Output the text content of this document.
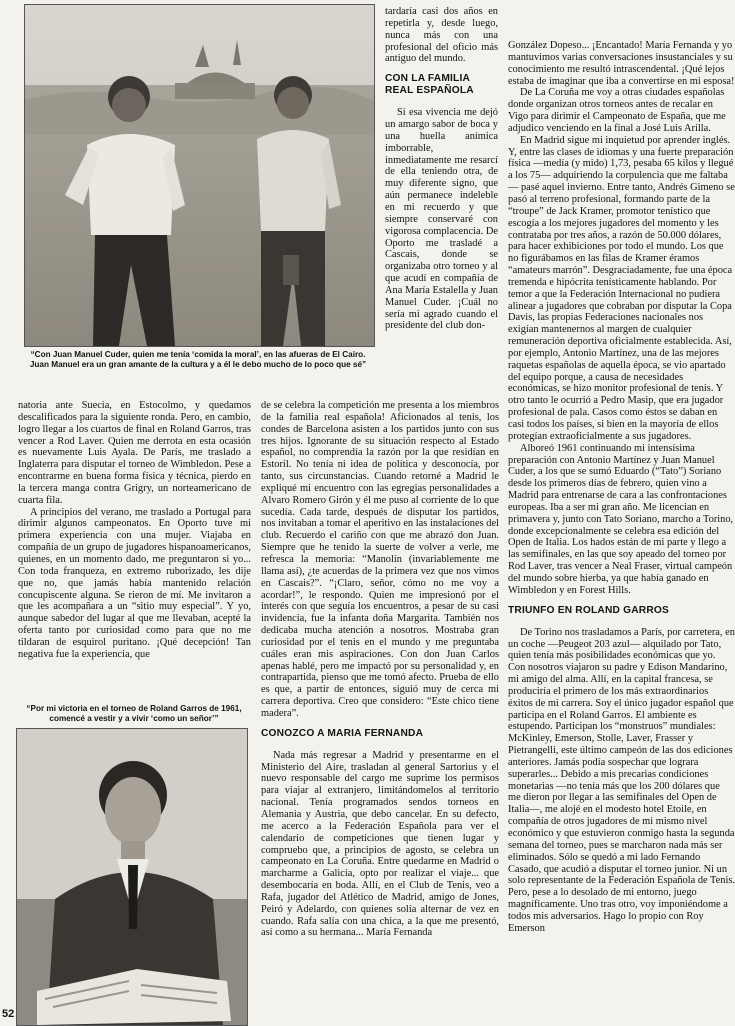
“Con Juan Manuel Cuder, quien me tenía ‘comida la moral’, en las afueras de El Cairo. Juan Manuel era un gran amante de la cultura y a él le debo mucho de lo poco que sé”

tardaría casi dos años en repetirla y, desde luego, nunca más con una profesional del oficio más antiguo del mundo.

CON LA FAMILIA REAL ESPAÑOLA

Si esa vivencia me dejó un amargo sabor de boca y una huella anímica imborrable, inmediatamente me resarcí de ella teniendo otra, de muy diferente signo, que aún permanece indeleble en mi recuerdo y que siempre conservaré con vigorosa complacencia. De Oporto me trasladé a Cascais, donde se organizaba otro torneo y al que acudí en compañía de Ana María Estalella y Juan Manuel Cuder. ¡Cuál no sería mi agrado cuando el presidente del club don-

natoria ante Suecia, en Estocolmo, y quedamos descalificados para la siguiente ronda. Pero, en cambio, logro llegar a los cuartos de final en Roland Garros, tras vencer a Rod Laver. Quien me derrota en esta ocasión es nuevamente Luis Ayala. De París, me traslado a Inglaterra para disputar el torneo de Wimbledon. Pese a encontrarme en buena forma física y técnica, pierdo en la tercera manga contra Grigry, un norteamericano de cuarta fila.

A principios del verano, me traslado a Portugal para dirimir algunos campeonatos. En Oporto tuve mi primera experiencia con una mujer. Viajaba en compañía de un grupo de jugadores hispanoamericanos, quienes, en un momento dado, me preguntaron si yo... Con toda franqueza, en extremo ruborizado, les dije que no, que jamás había mantenido relación concupiscente alguna. Se rieron de mí. Me invitaron a que les acompañara a un “sitio muy especial”. Y yo, aunque sabedor del lugar al que me llevaban, acepté la oferta tanto por curiosidad como para que no me tildaran de esquirol puritano. ¡Qué decepción! Tan negativa fue la experiencia, que

“Por mi victoria en el torneo de Roland Garros de 1961, comencé a vestir y a vivir ‘como un señor’”

de se celebra la competición me presenta a los miembros de la familia real española! Aficionados al tenis, los condes de Barcelona asisten a los partidos junto con sus tres hijos. Ignorante de su situación respecto al Estado español, no comprendía la razón por la que residían en Estoril. No tenía ni idea de política y desconocía, por tanto, sus circunstancias. Cuando retorné a Madrid le expliqué mi encuentro con las egregias personalidades a Alvaro Romero Girón y él me puso al corriente de lo que sucedía. Cada tarde, después de disputar los partidos, nos invitaban a tomar el aperitivo en las instalaciones del club. Recuerdo el cariño con que me abrazó don Juan. Siempre que he tenido la suerte de volver a verle, me refresca la memoria: “Manolín (invariablemente me llama así), ¿te acuerdas de la primera vez que nos vimos en Cascais?”. “¡Claro, señor, cómo no me voy a acordar!”, le respondo. Quien me impresionó por el interés con que seguía los encuentros, a pesar de su casi invidencia, fue la infanta doña Margarita. También nos dedicaba mucha atención a nosotros. Mostraba gran curiosidad por el tenis en el mundo y me preguntaba cuáles eran mis aspiraciones. Con don Juan Carlos apenas hablé, pero me impactó por su personalidad y, en contrapartida, pienso que me tomó afecto. Prueba de ello es que, a partir de entonces, siguió muy de cerca mi carrera deportiva. Creo que considero: “Este chico tiene madera”.

CONOZCO A MARIA FERNANDA

Nada más regresar a Madrid y presentarme en el Ministerio del Aire, trasladan al general Sartorius y el nuevo responsable del cargo me suprime los permisos para viajar al extranjero, limitándomelos al territorio nacional. Tenía programados sendos torneos en Alemania y Austria, que debo cancelar. En su defecto, me acerco a la Federación Española para ver el calendario de competiciones que tienen lugar y compruebo que, a principios de agosto, se celebra un campeonato en La Coruña. Entre quedarme en Madrid o marcharme a Galicia, opto por realizar el viaje... que desembocaría en boda. Allí, en el Club de Tenis, veo a Rafa, jugador del Atlético de Madrid, amigo de Jones, Peiró y Adelardo, con quienes solía alternar de vez en cuando. Rafa salía con una chica, a la que me presentó, así como a su hermana... María Fernanda

González Dopeso... ¡Encantado! María Fernanda y yo mantuvimos varias conversaciones insustanciales y su conocimiento me resultó intrascendental. ¡Qué lejos estaba de imaginar que iba a convertirse en mi esposa!

De La Coruña me voy a otras ciudades españolas donde organizan otros torneos antes de recalar en Vigo para dirimir el Campeonato de España, que me adjudico venciendo en la final a José Luis Arilla.

En Madrid sigue mi inquietud por aprender inglés. Y, entre las clases de idiomas y una fuerte preparación física —medía (y mido) 1,73, pesaba 65 kilos y llegué a los 75— adquiriendo la corpulencia que me faltaba— pasé aquel invierno. Entre tanto, Andrés Gimeno se pasó al terreno profesional, formando parte de la “troupe” de Jack Kramer, promotor tenístico que escogía a los mejores jugadores del momento y les contrataba por tres años, a razón de 50.000 dólares, para hacer exhibiciones por todo el mundo. Los que no figurábamos en las filas de Kramer éramos “amateurs marrón”. Desgraciadamente, fue una época tremenda e hipócrita tenísticamente hablando. Por temor a que la Federación Internacional no pudiera alinear a jugadores que cobraban por disputar la Copa Davis, las propias Federaciones nacionales nos exigían mantenernos al margen de cualquier remuneración deportiva oficialmente establecida. Así, por ejemplo, Antonio Martínez, una de las mejores raquetas españolas de aquella época, se vio apartado del equipo porque, a causa de necesidades económicas, se hizo monitor profesional de tenis. Y otro tanto le ocurrió a Pedro Masip, que era jugador profesional de pala. Casos como éstos se daban en casi todos los países, si bien en la mayoría de ellos protegían extraoficialmente a sus jugadores.

Alboreó 1961 continuando mi intensísima preparación con Antonio Martínez y Juan Manuel Cuder, a los que se sumó Eduardo (“Tato”) Soriano desde los primeros días de febrero, quien vino a Madrid para entrenarse de cara a las confrontaciones europeas. Iba a ser mi gran año. Me licencian en primavera y, junto con Tato Soriano, marcho a Torino, donde excepcionalmente se celebra esa edición del Open de Italia. Los hados están de mi parte y llego a las semifinales, en las que soy apeado del torneo por Rod Laver, tras vencer a Neal Fraser, virtual campeón del mundo sobre hierba, ya que había ganado en Wimbledon y en Forest Hills.

TRIUNFO EN ROLAND GARROS

De Torino nos trasladamos a París, por carretera, en un coche —Peugeot 203 azul— alquilado por Tato, quien tenía más posibilidades económicas que yo. Con nosotros viajaron su padre y Edison Mandarino, mi amigo del alma. Allí, en la capital francesa, se produciría el primero de los más extraordinarios éxitos de mi carrera. Soy el único jugador español que participa en el Roland Garros. El ambiente es estupendo. Participan los “monstruos” mundiales: McKinley, Emerson, Stolle, Laver, Frasser y Pietrangelli, este último campeón de las dos ediciones anteriores. Jamás podía sospechar que lograra superarles... Debido a mis precarias condiciones monetarias —no tenía más que los 200 dólares que me dieron por llegar a las semifinales del Open de Italia—, me alojé en el modesto hotel Etoile, en compañía de otros jugadores de mi mismo nivel económico y que estuvieron conmigo hasta la segunda semana del torneo, pues se marcharon nada más ser eliminados. Sólo se quedó a mi lado Fernando Casado, que acudió a disputar el torneo junior. Ni un solo representante de la Federación Española de Tenis. Pero, pese a lo desolado de mi entorno, juego magníficamente. Uno tras otro, voy imponiéndome a todos mis adversarios. Hago lo propio con Roy Emerson

52
